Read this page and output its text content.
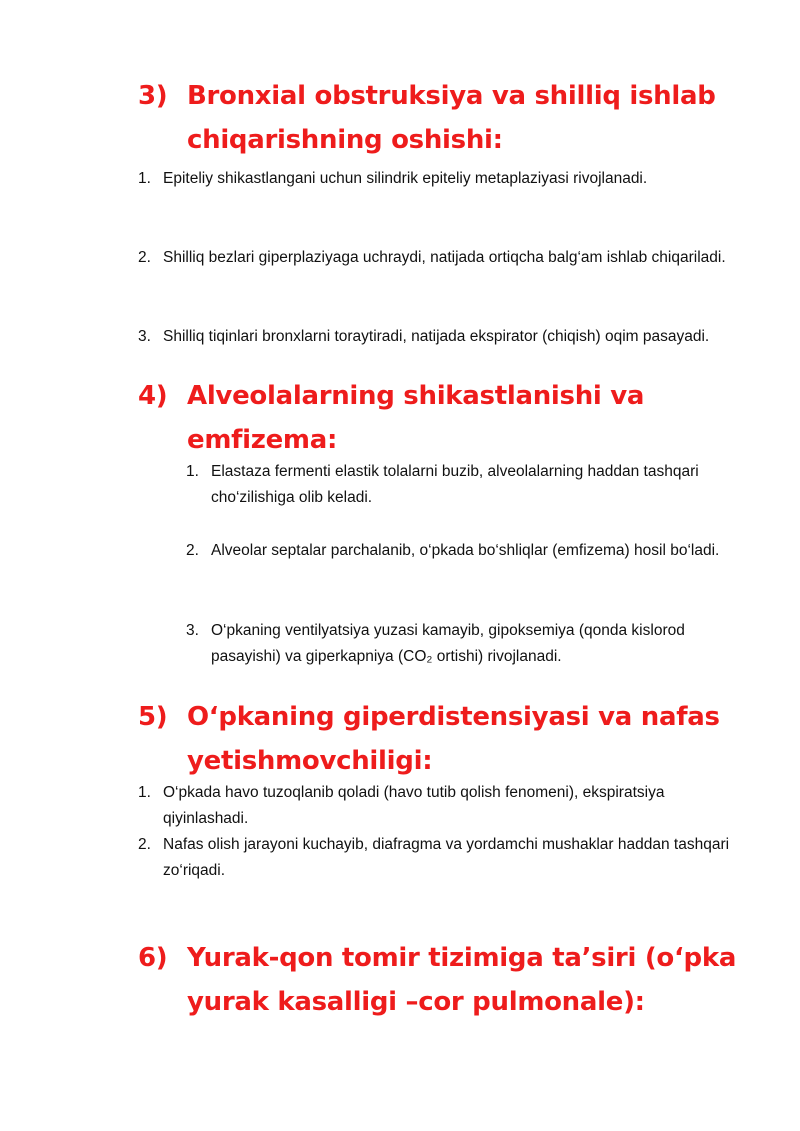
3) Bronxial obstruksiya va shilliq ishlab chiqarishning oshishi:
1. Epiteliy shikastlangani uchun silindrik epiteliy metaplaziyasi rivojlanadi.
2. Shilliq bezlari giperplaziyaga uchraydi, natijada ortiqcha balg‘am ishlab chiqariladi.
3. Shilliq tiqinlari bronxlarni toraytiradi, natijada ekspirator (chiqish) oqim pasayadi.
4) Alveolalarning shikastlanishi va emfizema:
1. Elastaza fermenti elastik tolalarni buzib, alveolalarning haddan tashqari cho‘zilishiga olib keladi.
2. Alveolar septalar parchalanib, o‘pkada bo‘shliqlar (emfizema) hosil bo‘ladi.
3. O‘pkaning ventilyatsiya yuzasi kamayib, gipoksemiya (qonda kislorod pasayishi) va giperkapniya (CO₂ ortishi) rivojlanadi.
5) O‘pkaning giperdistensiyasi va nafas yetishmovchiligi:
1. O‘pkada havo tuzoqlanib qoladi (havo tutib qolish fenomeni), ekspiratsiya qiyinlashadi.
2. Nafas olish jarayoni kuchayib, diafragma va yordamchi mushaklar haddan tashqari zo‘riqadi.
6) Yurak-qon tomir tizimiga ta’siri (o‘pka yurak kasalligi –cor pulmonale):
